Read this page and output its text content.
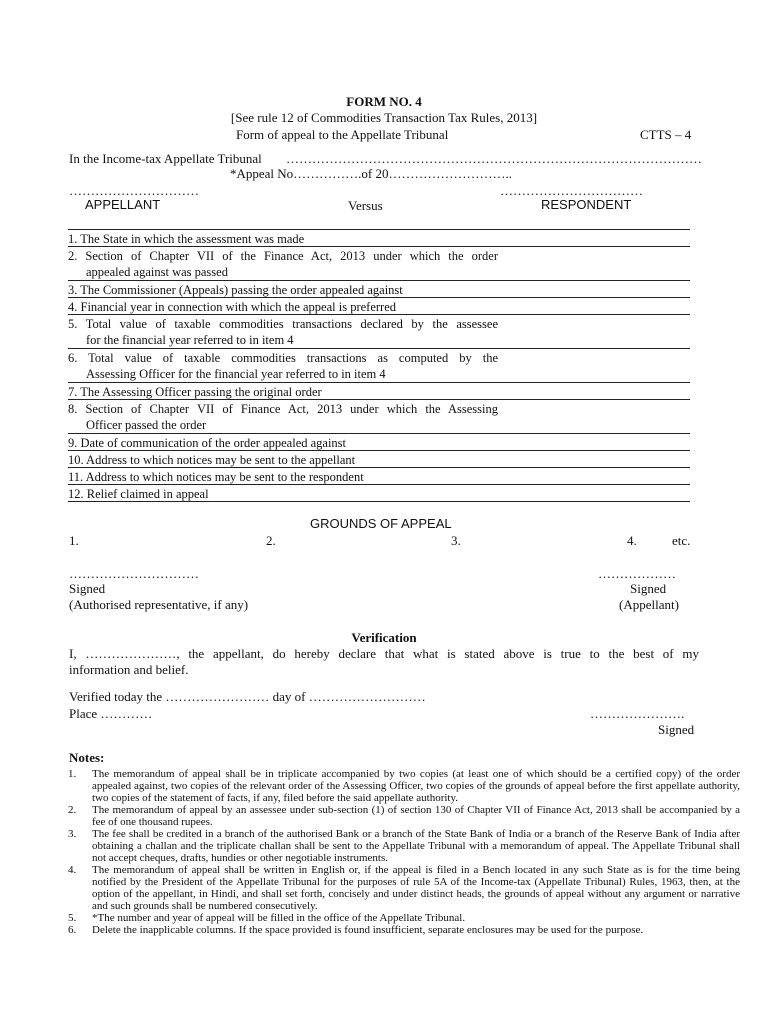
FORM NO. 4
[See rule 12 of Commodities Transaction Tax Rules, 2013]
Form of appeal to the Appellate Tribunal	CTTS – 4
In the Income-tax Appellate Tribunal ……………………………………………………………………………………
*Appeal No…………….of 20………………………..
…………………………	……………………………
APPELLANT	Versus	RESPONDENT
1. The State in which the assessment was made
2. Section of Chapter VII of the Finance Act, 2013 under which the order
appealed against was passed
3. The Commissioner (Appeals) passing the order appealed against
4. Financial year in connection with which the appeal is preferred
5. Total value of taxable commodities transactions declared by the assessee
for the financial year referred to in item 4
6. Total value of taxable commodities transactions as computed by the
Assessing Officer for the financial year referred to in item 4
7. The Assessing Officer passing the original order
8. Section of Chapter VII of Finance Act, 2013 under which the Assessing
Officer passed the order
9. Date of communication of the order appealed against
10. Address to which notices may be sent to the appellant
11. Address to which notices may be sent to the respondent
12. Relief claimed in appeal
GROUNDS OF APPEAL
1.	2.	3.	4.	etc.
…………………………	………………
Signed	Signed
(Authorised representative, if any)	(Appellant)
Verification
I, …………………, the appellant, do hereby declare that what is stated above is true to the best of my
information and belief.
Verified today the …………………… day of ………………………
Place …………	………………….
Signed
Notes:
1.	The memorandum of appeal shall be in triplicate accompanied by two copies (at least one of which should be a certified copy) of the order appealed against, two copies of the relevant order of the Assessing Officer, two copies of the grounds of appeal before the first appellate authority, two copies of the statement of facts, if any, filed before the said appellate authority.
2.	The memorandum of appeal by an assessee under sub-section (1) of section 130 of Chapter VII of Finance Act, 2013 shall be accompanied by a fee of one thousand rupees.
3.	The fee shall be credited in a branch of the authorised Bank or a branch of the State Bank of India or a branch of the Reserve Bank of India after obtaining a challan and the triplicate challan shall be sent to the Appellate Tribunal with a memorandum of appeal. The Appellate Tribunal shall not accept cheques, drafts, hundies or other negotiable instruments.
4.	The memorandum of appeal shall be written in English or, if the appeal is filed in a Bench located in any such State as is for the time being notified by the President of the Appellate Tribunal for the purposes of rule 5A of the Income-tax (Appellate Tribunal) Rules, 1963, then, at the option of the appellant, in Hindi, and shall set forth, concisely and under distinct heads, the grounds of appeal without any argument or narrative and such grounds shall be numbered consecutively.
5.	*The number and year of appeal will be filled in the office of the Appellate Tribunal.
6.	Delete the inapplicable columns. If the space provided is found insufficient, separate enclosures may be used for the purpose.
